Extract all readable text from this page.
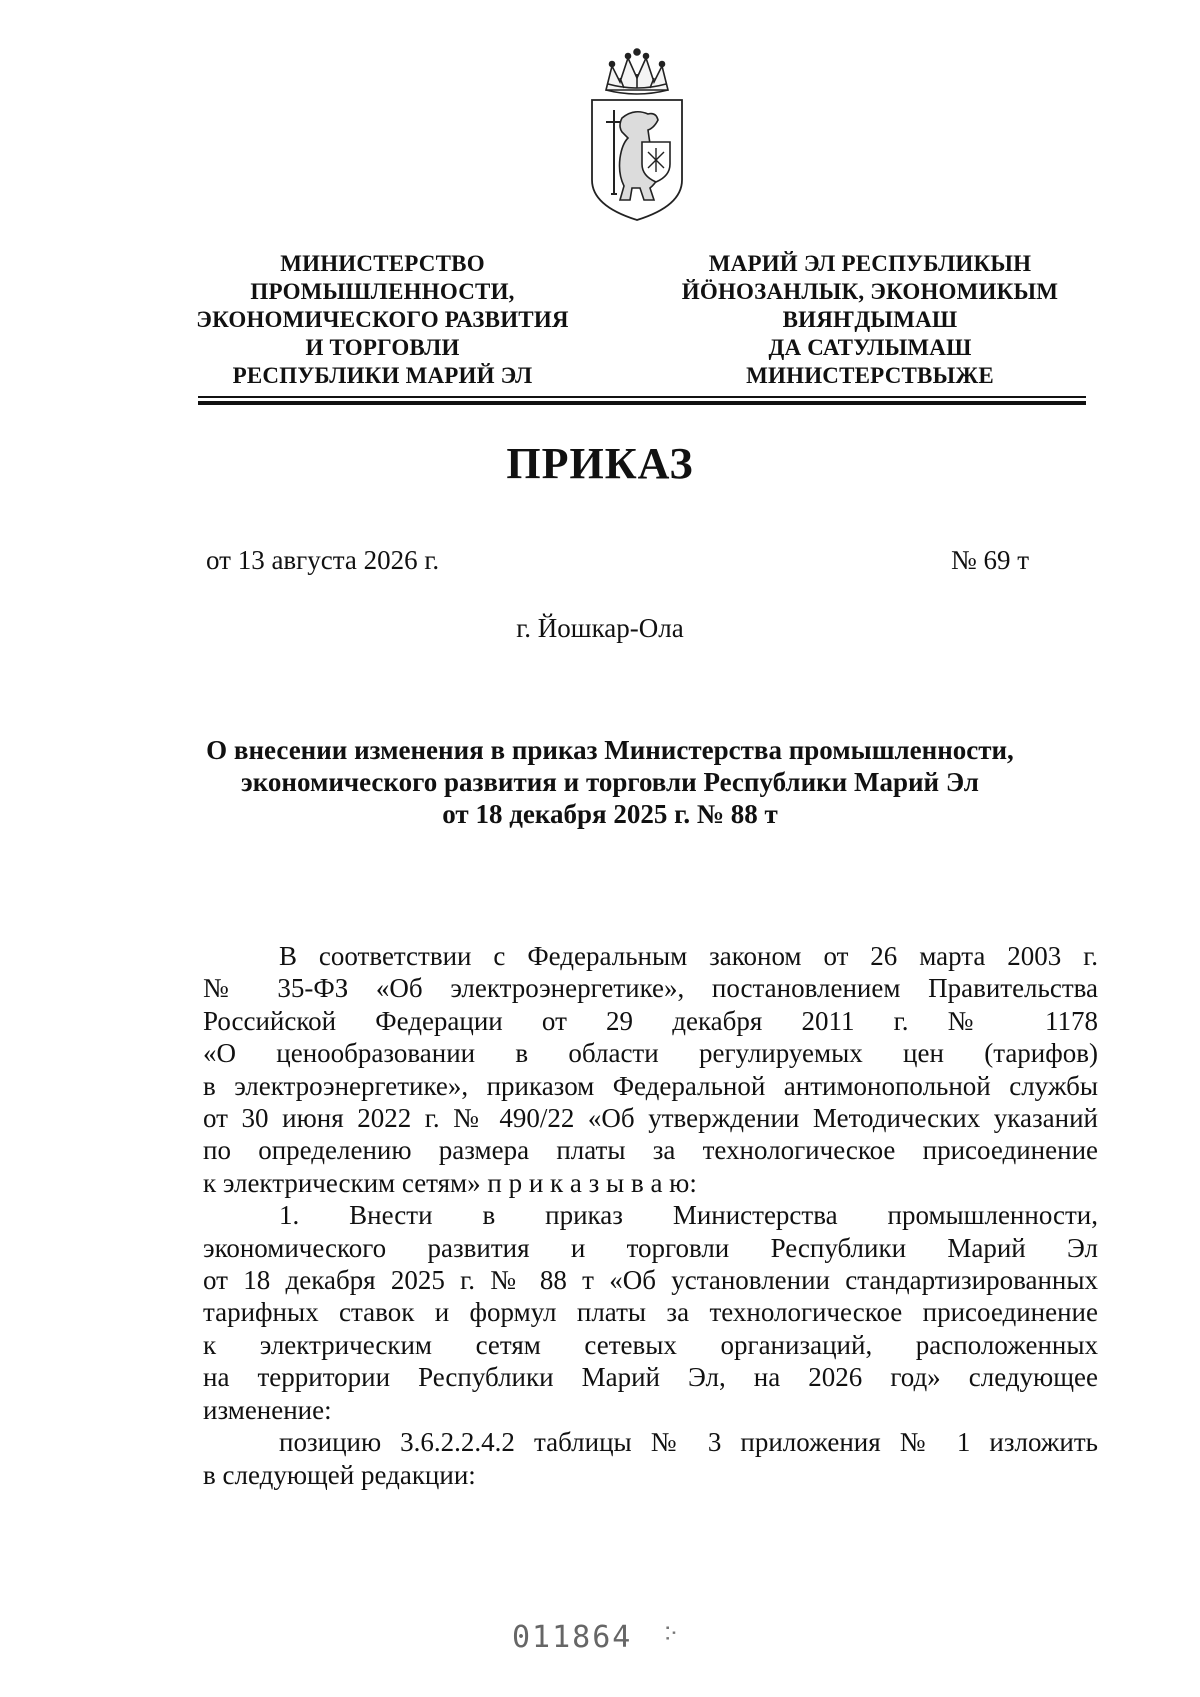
МИНИСТЕРСТВО
ПРОМЫШЛЕННОСТИ,
ЭКОНОМИЧЕСКОГО РАЗВИТИЯ
И ТОРГОВЛИ
РЕСПУБЛИКИ МАРИЙ ЭЛ
МАРИЙ ЭЛ РЕСПУБЛИКЫН
ЙӦНОЗАНЛЫК, ЭКОНОМИКЫМ
ВИЯҤДЫМАШ
ДА САТУЛЫМАШ
МИНИСТЕРСТВЫЖЕ
ПРИКАЗ
от 13 августа 2026 г.	№ 69 т
г. Йошкар-Ола
О внесении изменения в приказ Министерства промышленности,
экономического развития и торговли Республики Марий Эл
от 18 декабря 2025 г. № 88 т
В соответствии с Федеральным законом от 26 марта 2003 г.
№ 35-ФЗ «Об электроэнергетике», постановлением Правительства
Российской Федерации от 29 декабря 2011 г. № 1178
«О ценообразовании в области регулируемых цен (тарифов)
в электроэнергетике», приказом Федеральной антимонопольной службы
от 30 июня 2022 г. № 490/22 «Об утверждении Методических указаний
по определению размера платы за технологическое присоединение
к электрическим сетям» п р и к а з ы в а ю:
1. Внести в приказ Министерства промышленности,
экономического развития и торговли Республики Марий Эл
от 18 декабря 2025 г. № 88 т «Об установлении стандартизированных
тарифных ставок и формул платы за технологическое присоединение
к электрическим сетям сетевых организаций, расположенных
на территории Республики Марий Эл, на 2026 год» следующее
изменение:
позицию 3.6.2.2.4.2 таблицы № 3 приложения № 1 изложить
в следующей редакции:
011864 ჻
